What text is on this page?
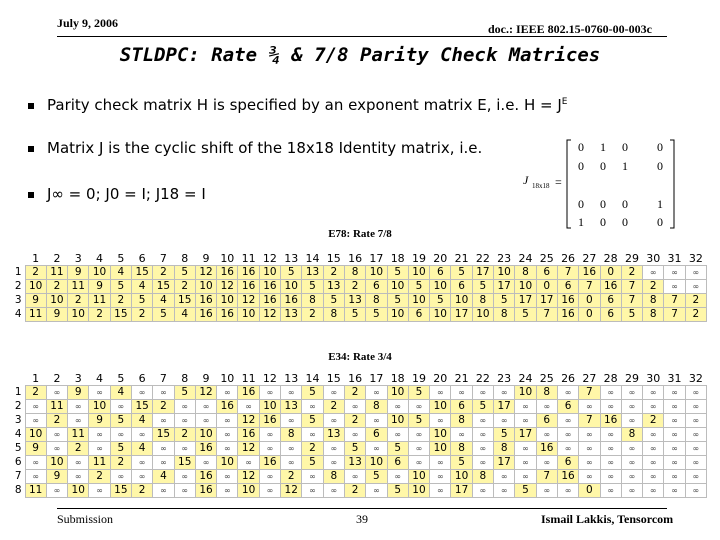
July 9, 2006	doc.: IEEE 802.15-0760-00-003c
STLDPC: Rate ¾ & 7/8 Parity Check Matrices
Parity check matrix H is specified by an exponent matrix E, i.e. $H = J^E$
Matrix J is the cyclic shift of the 18x18 Identity matrix, i.e.
J∞ = 0; J0 = I; J18 = I
J 18x18 =
0 1 0 0
0 0 1 0
0 0 0 1
1 0 0 0
E78: Rate 7/8
	1	2	3	4	5	6	7	8	9	10	11	12	13	14	15	16	17	18	19	20	21	22	23	24	25	26	27	28	29	30	31	32
1	2	11	9	10	4	15	2	5	12	16	16	10	5	13	2	8	10	5	10	6	5	17	10	8	6	7	16	0	2	∞	∞	∞
2	10	2	11	9	5	4	15	2	10	12	16	16	10	5	13	2	6	10	5	10	6	5	17	10	0	6	7	16	7	2	∞	∞
3	9	10	2	11	2	5	4	15	16	10	12	16	16	8	5	13	8	5	10	5	10	8	5	17	17	16	0	6	7	8	7	2
4	11	9	10	2	15	2	5	4	16	16	10	12	13	2	8	5	5	10	6	10	17	10	8	5	7	16	0	6	5	8	7	2
E34: Rate 3/4
	1	2	3	4	5	6	7	8	9	10	11	12	13	14	15	16	17	18	19	20	21	22	23	24	25	26	27	28	29	30	31	32
1	2	∞	9	∞	4	∞	∞	5	12	∞	16	∞	∞	5	∞	2	∞	10	5	∞	∞	∞	∞	10	8	∞	7	∞	∞	∞	∞	∞
2	∞	11	∞	10	∞	15	2	∞	∞	16	∞	10	13	∞	2	∞	8	∞	∞	10	6	5	17	∞	∞	6	∞	∞	∞	∞	∞	∞
3	∞	2	∞	9	5	4	∞	∞	∞	∞	12	16	∞	5	∞	2	∞	10	5	∞	8	∞	∞	∞	6	∞	7	16	∞	2	∞	∞
4	10	∞	11	∞	∞	∞	15	2	10	∞	16	∞	8	∞	13	∞	6	∞	∞	10	∞	∞	5	17	∞	∞	∞	∞	8	∞	∞	∞
5	9	∞	2	∞	5	4	∞	∞	16	∞	12	∞	∞	2	∞	5	∞	5	∞	10	8	∞	8	∞	16	∞	∞	∞	∞	∞	∞	∞
6	∞	10	∞	11	2	∞	∞	15	∞	10	∞	16	∞	5	∞	13	10	6	∞	∞	5	∞	17	∞	∞	6	∞	∞	∞	∞	∞	∞
7	∞	9	∞	2	∞	∞	4	∞	16	∞	12	∞	2	∞	8	∞	5	∞	10	∞	10	8	∞	∞	7	16	∞	∞	∞	∞	∞	∞
8	11	∞	10	∞	15	2	∞	∞	16	∞	10	∞	12	∞	∞	2	∞	5	10	∞	17	∞	∞	5	∞	∞	0	∞	∞	∞	∞	∞
Submission	39	Ismail Lakkis, Tensorcom
